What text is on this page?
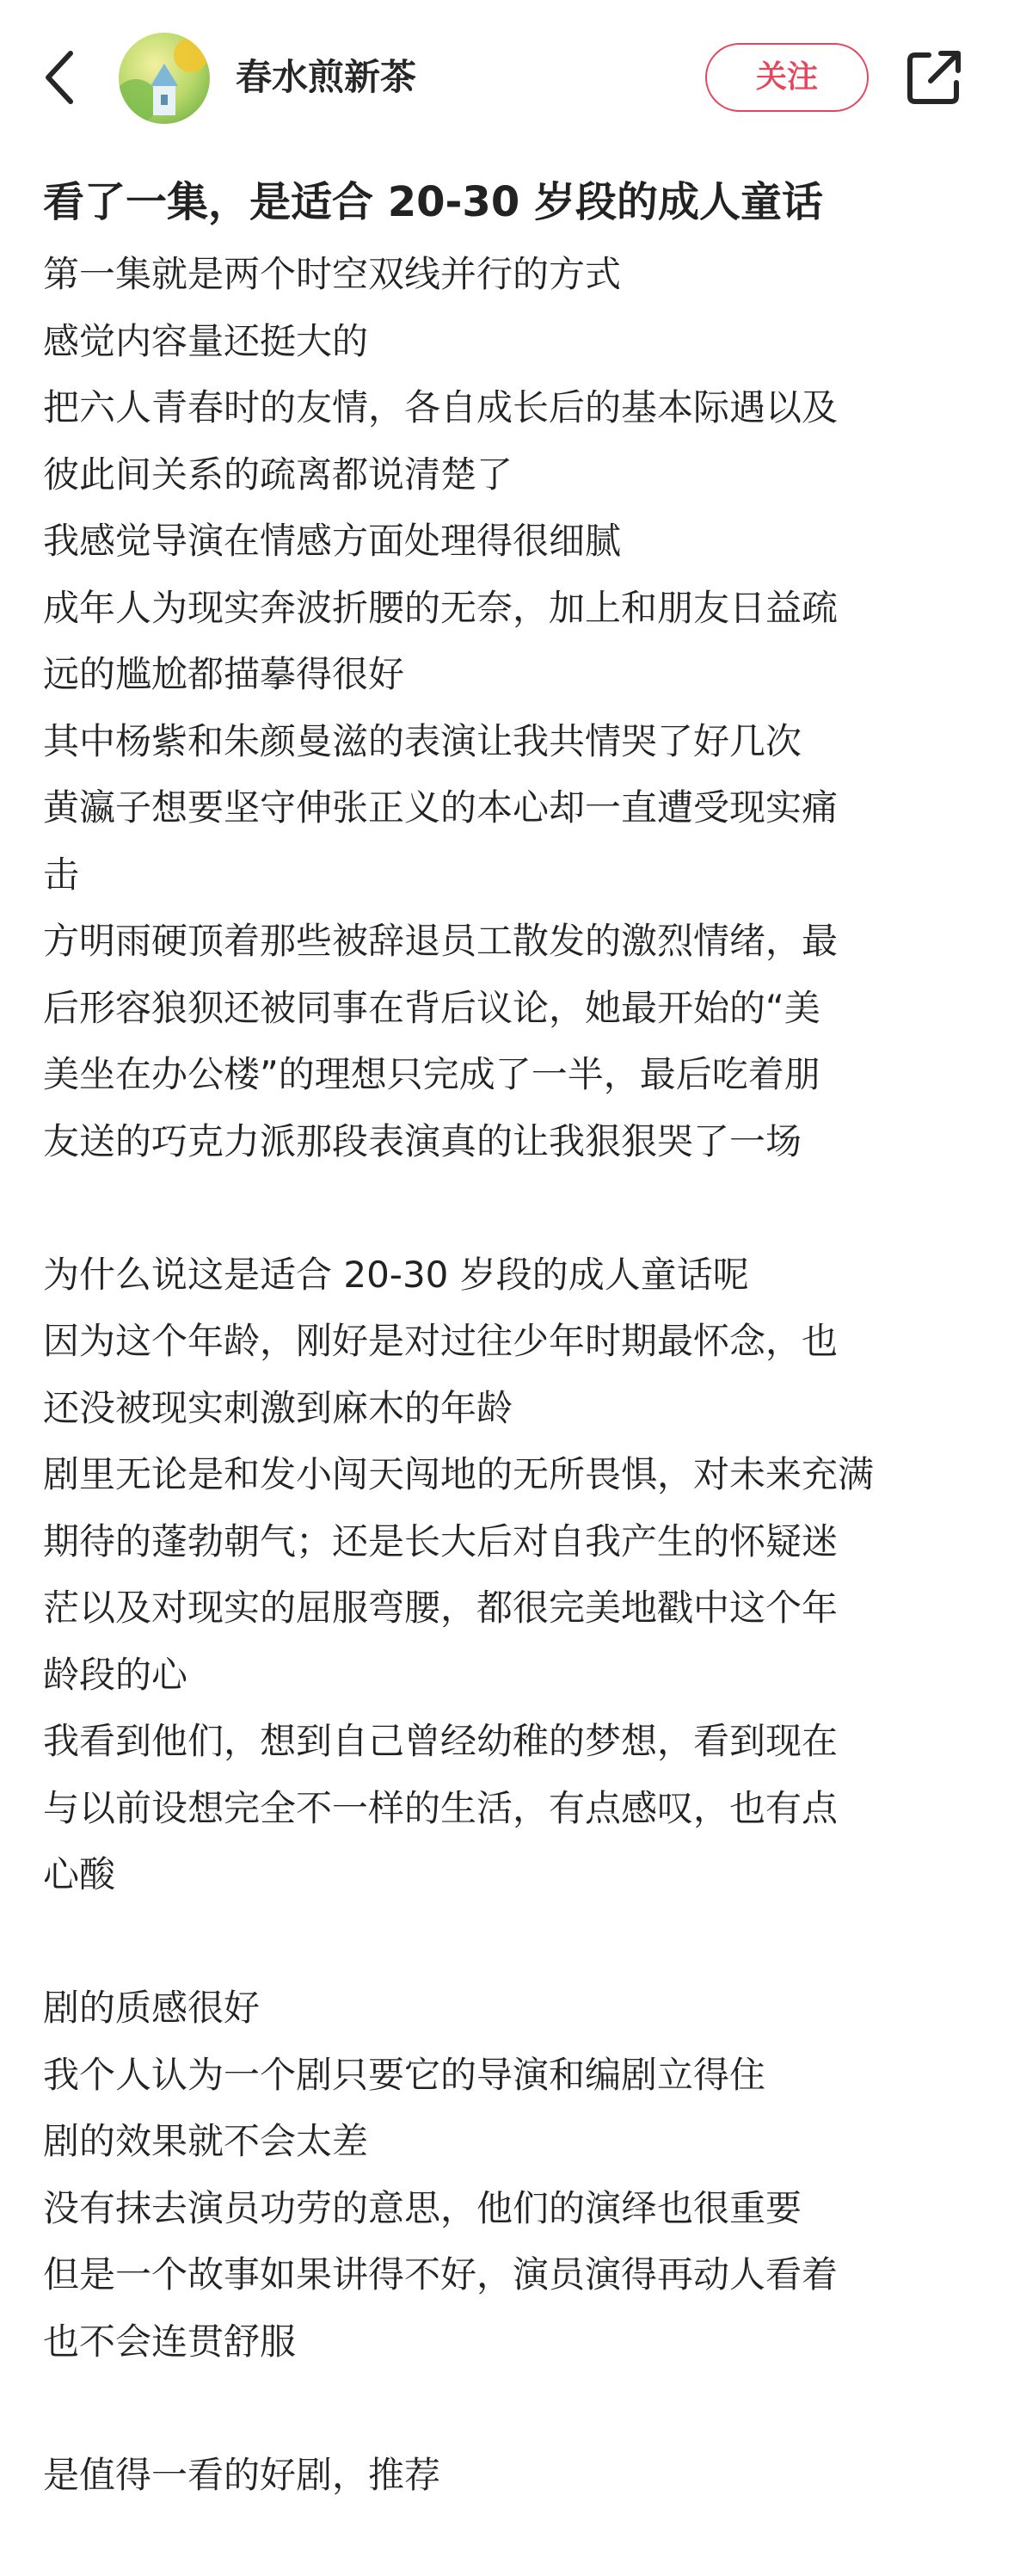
春水煎新茶	关注
看了一集，是适合 20-30 岁段的成人童话
第一集就是两个时空双线并行的方式
感觉内容量还挺大的
把六人青春时的友情，各自成长后的基本际遇以及
彼此间关系的疏离都说清楚了
我感觉导演在情感方面处理得很细腻
成年人为现实奔波折腰的无奈，加上和朋友日益疏
远的尴尬都描摹得很好
其中杨紫和朱颜曼滋的表演让我共情哭了好几次
黄瀛子想要坚守伸张正义的本心却一直遭受现实痛
击
方明雨硬顶着那些被辞退员工散发的激烈情绪，最
后形容狼狈还被同事在背后议论，她最开始的“美
美坐在办公楼”的理想只完成了一半，最后吃着朋
友送的巧克力派那段表演真的让我狠狠哭了一场
为什么说这是适合 20-30 岁段的成人童话呢
因为这个年龄，刚好是对过往少年时期最怀念，也
还没被现实刺激到麻木的年龄
剧里无论是和发小闯天闯地的无所畏惧，对未来充满
期待的蓬勃朝气；还是长大后对自我产生的怀疑迷
茫以及对现实的屈服弯腰，都很完美地戳中这个年
龄段的心
我看到他们，想到自己曾经幼稚的梦想，看到现在
与以前设想完全不一样的生活，有点感叹，也有点
心酸
剧的质感很好
我个人认为一个剧只要它的导演和编剧立得住
剧的效果就不会太差
没有抹去演员功劳的意思，他们的演绎也很重要
但是一个故事如果讲得不好，演员演得再动人看着
也不会连贯舒服
是值得一看的好剧，推荐
